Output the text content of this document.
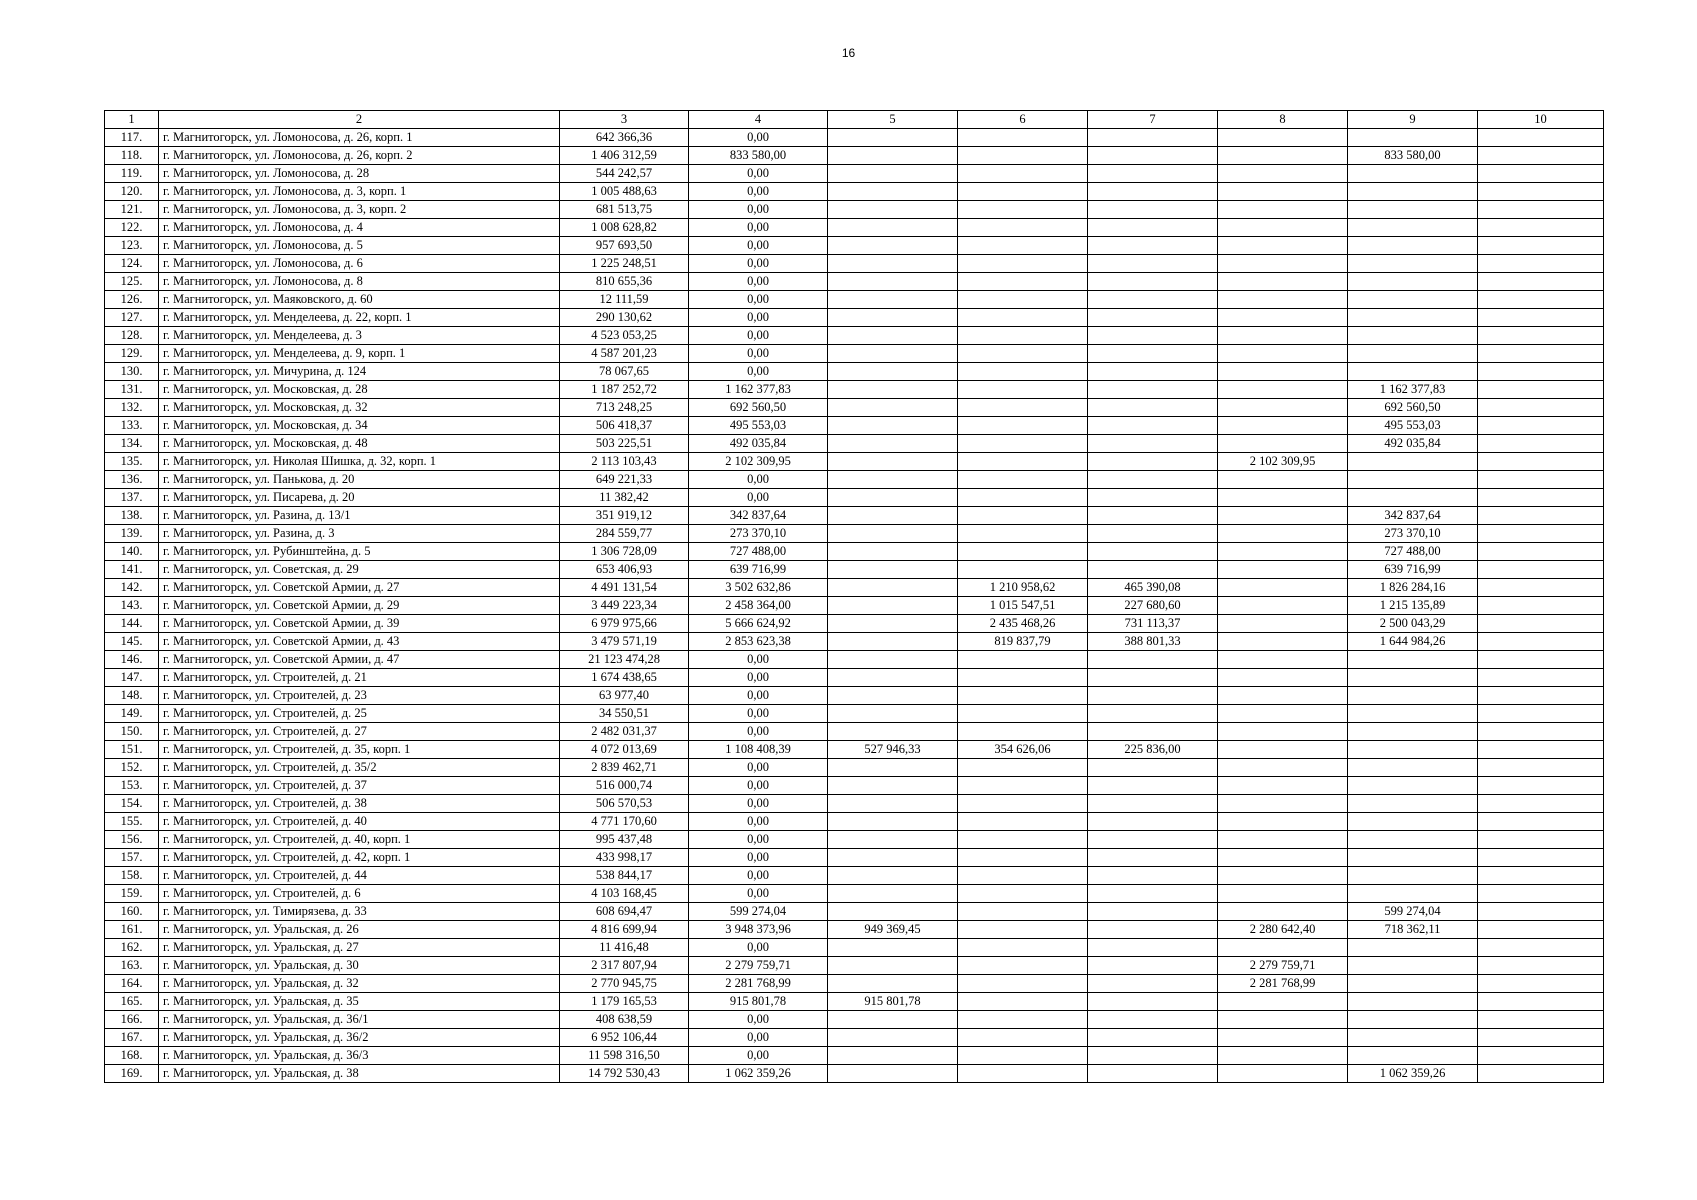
16
1	2	3	4	5	6	7	8	9	10
117.	г. Магнитогорск, ул. Ломоносова, д. 26, корп. 1	642 366,36	0,00						
118.	г. Магнитогорск, ул. Ломоносова, д. 26, корп. 2	1 406 312,59	833 580,00					833 580,00	
119.	г. Магнитогорск, ул. Ломоносова, д. 28	544 242,57	0,00						
120.	г. Магнитогорск, ул. Ломоносова, д. 3, корп. 1	1 005 488,63	0,00						
121.	г. Магнитогорск, ул. Ломоносова, д. 3, корп. 2	681 513,75	0,00						
122.	г. Магнитогорск, ул. Ломоносова, д. 4	1 008 628,82	0,00						
123.	г. Магнитогорск, ул. Ломоносова, д. 5	957 693,50	0,00						
124.	г. Магнитогорск, ул. Ломоносова, д. 6	1 225 248,51	0,00						
125.	г. Магнитогорск, ул. Ломоносова, д. 8	810 655,36	0,00						
126.	г. Магнитогорск, ул. Маяковского, д. 60	12 111,59	0,00						
127.	г. Магнитогорск, ул. Менделеева, д. 22, корп. 1	290 130,62	0,00						
128.	г. Магнитогорск, ул. Менделеева, д. 3	4 523 053,25	0,00						
129.	г. Магнитогорск, ул. Менделеева, д. 9, корп. 1	4 587 201,23	0,00						
130.	г. Магнитогорск, ул. Мичурина, д. 124	78 067,65	0,00						
131.	г. Магнитогорск, ул. Московская, д. 28	1 187 252,72	1 162 377,83					1 162 377,83	
132.	г. Магнитогорск, ул. Московская, д. 32	713 248,25	692 560,50					692 560,50	
133.	г. Магнитогорск, ул. Московская, д. 34	506 418,37	495 553,03					495 553,03	
134.	г. Магнитогорск, ул. Московская, д. 48	503 225,51	492 035,84					492 035,84	
135.	г. Магнитогорск, ул. Николая Шишка, д. 32, корп. 1	2 113 103,43	2 102 309,95				2 102 309,95		
136.	г. Магнитогорск, ул. Панькова, д. 20	649 221,33	0,00						
137.	г. Магнитогорск, ул. Писарева, д. 20	11 382,42	0,00						
138.	г. Магнитогорск, ул. Разина, д. 13/1	351 919,12	342 837,64					342 837,64	
139.	г. Магнитогорск, ул. Разина, д. 3	284 559,77	273 370,10					273 370,10	
140.	г. Магнитогорск, ул. Рубинштейна, д. 5	1 306 728,09	727 488,00					727 488,00	
141.	г. Магнитогорск, ул. Советская, д. 29	653 406,93	639 716,99					639 716,99	
142.	г. Магнитогорск, ул. Советской Армии, д. 27	4 491 131,54	3 502 632,86		1 210 958,62	465 390,08		1 826 284,16	
143.	г. Магнитогорск, ул. Советской Армии, д. 29	3 449 223,34	2 458 364,00		1 015 547,51	227 680,60		1 215 135,89	
144.	г. Магнитогорск, ул. Советской Армии, д. 39	6 979 975,66	5 666 624,92		2 435 468,26	731 113,37		2 500 043,29	
145.	г. Магнитогорск, ул. Советской Армии, д. 43	3 479 571,19	2 853 623,38		819 837,79	388 801,33		1 644 984,26	
146.	г. Магнитогорск, ул. Советской Армии, д. 47	21 123 474,28	0,00						
147.	г. Магнитогорск, ул. Строителей, д. 21	1 674 438,65	0,00						
148.	г. Магнитогорск, ул. Строителей, д. 23	63 977,40	0,00						
149.	г. Магнитогорск, ул. Строителей, д. 25	34 550,51	0,00						
150.	г. Магнитогорск, ул. Строителей, д. 27	2 482 031,37	0,00						
151.	г. Магнитогорск, ул. Строителей, д. 35, корп. 1	4 072 013,69	1 108 408,39	527 946,33	354 626,06	225 836,00			
152.	г. Магнитогорск, ул. Строителей, д. 35/2	2 839 462,71	0,00						
153.	г. Магнитогорск, ул. Строителей, д. 37	516 000,74	0,00						
154.	г. Магнитогорск, ул. Строителей, д. 38	506 570,53	0,00						
155.	г. Магнитогорск, ул. Строителей, д. 40	4 771 170,60	0,00						
156.	г. Магнитогорск, ул. Строителей, д. 40, корп. 1	995 437,48	0,00						
157.	г. Магнитогорск, ул. Строителей, д. 42, корп. 1	433 998,17	0,00						
158.	г. Магнитогорск, ул. Строителей, д. 44	538 844,17	0,00						
159.	г. Магнитогорск, ул. Строителей, д. 6	4 103 168,45	0,00						
160.	г. Магнитогорск, ул. Тимирязева, д. 33	608 694,47	599 274,04					599 274,04	
161.	г. Магнитогорск, ул. Уральская, д. 26	4 816 699,94	3 948 373,96	949 369,45			2 280 642,40	718 362,11	
162.	г. Магнитогорск, ул. Уральская, д. 27	11 416,48	0,00						
163.	г. Магнитогорск, ул. Уральская, д. 30	2 317 807,94	2 279 759,71				2 279 759,71		
164.	г. Магнитогорск, ул. Уральская, д. 32	2 770 945,75	2 281 768,99				2 281 768,99		
165.	г. Магнитогорск, ул. Уральская, д. 35	1 179 165,53	915 801,78	915 801,78					
166.	г. Магнитогорск, ул. Уральская, д. 36/1	408 638,59	0,00						
167.	г. Магнитогорск, ул. Уральская, д. 36/2	6 952 106,44	0,00						
168.	г. Магнитогорск, ул. Уральская, д. 36/3	11 598 316,50	0,00						
169.	г. Магнитогорск, ул. Уральская, д. 38	14 792 530,43	1 062 359,26					1 062 359,26	
